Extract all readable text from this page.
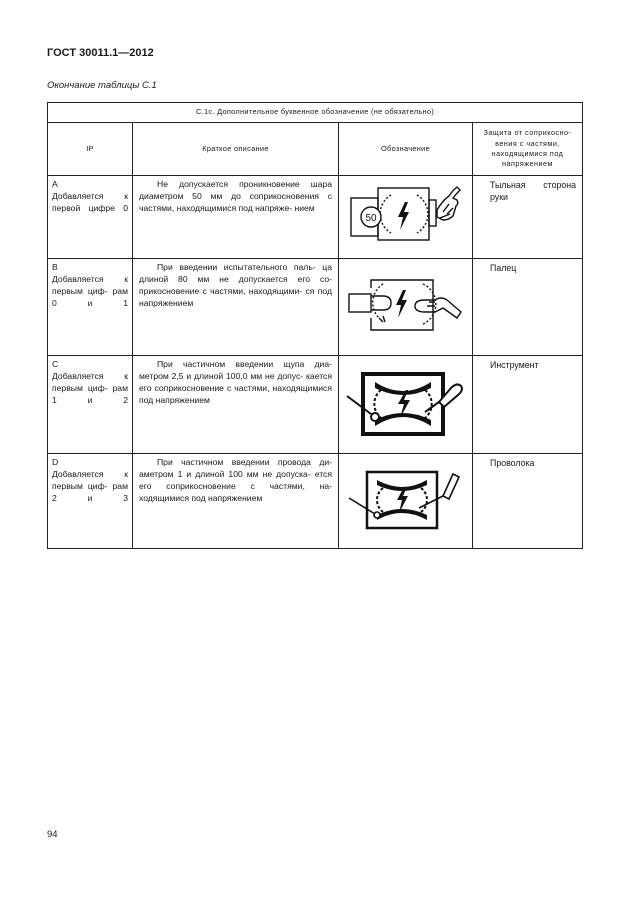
ГОСТ 30011.1—2012
Окончание таблицы С.1
С.1с. Дополнительное буквенное обозначение (не обязательно)			
IP	Краткое описание	Обозначение	Защита от соприкосно- вения с частями, находящимися под напряжением

A
Добавляется к первой цифре 0	Не допускается проникновение шара диаметром 50 мм до соприкосновения с частями, находящимися под напряже- нием	50	Тыльная сторона руки

B
Добавляется к первым циф- рам 0 и 1	При введении испытательного паль- ца длиной 80 мм не допускается его со- прикосновение с частями, находящими- ся под напряжением		Палец

C
Добавляется к первым циф- рам 1 и 2	При частичном введении щупа диа- метром 2,5 и длиной 100,0 мм не допус- кается его соприкосновение с частями, находящимися под напряжением		Инструмент

D
Добавляется к первым циф- рам 2 и 3	При частичном введении провода ди- аметром 1 и длиной 100 мм не допуска- ется его соприкосновение с частями, на- ходящимися под напряжением		Проволока
94
